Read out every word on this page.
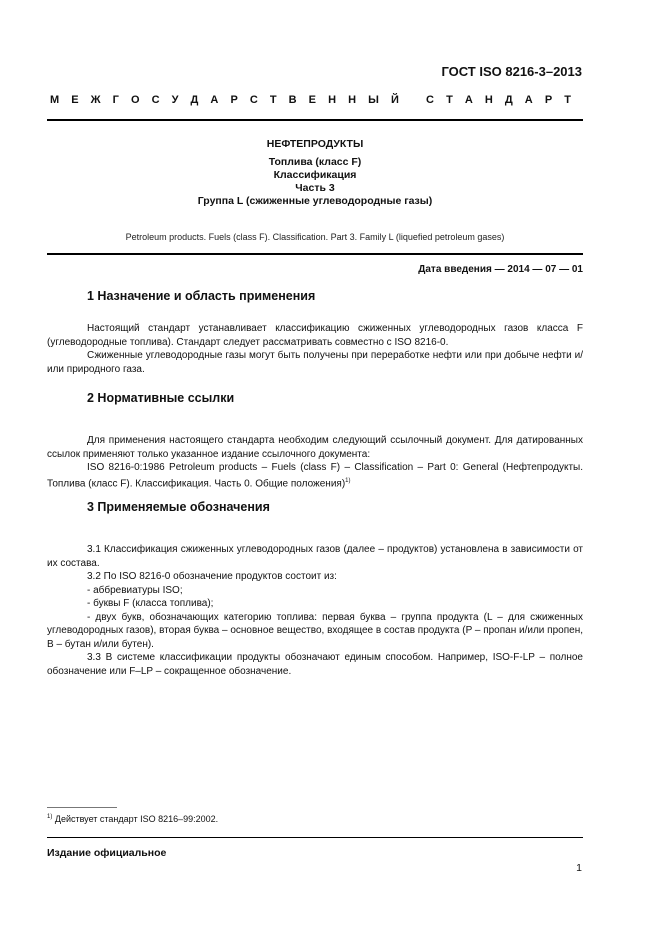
ГОСТ ISO 8216-3–2013
М Е Ж Г О С У Д А Р С Т В Е Н Н Ы Й
С Т А Н Д А Р Т
НЕФТЕПРОДУКТЫ
Топлива (класс F)
Классификация
Часть 3
Группа L (сжиженные углеводородные газы)
Petroleum products. Fuels (class F). Classification. Part 3. Family L (liquefied petroleum gases)
Дата введения — 2014 — 07 — 01
1 Назначение и область применения

Настоящий стандарт устанавливает классификацию сжиженных углеводородных газов класса F (углеводородные топлива). Стандарт следует рассматривать совместно с ISO 8216-0.

Сжиженные углеводородные газы могут быть получены при переработке нефти или при добыче нефти и/или природного газа.

2 Нормативные ссылки

Для применения настоящего стандарта необходим следующий ссылочный документ. Для датированных ссылок применяют только указанное издание ссылочного документа:

ISO 8216-0:1986 Petroleum products – Fuels (class F) – Classification – Part 0: General (Нефтепродукты. Топлива (класс F). Классификация. Часть 0. Общие положения)$^{1)}$

3 Применяемые обозначения

3.1 Классификация сжиженных углеводородных газов (далее – продуктов) установлена в зависимости от их состава.

3.2 По ISO 8216-0 обозначение продуктов состоит из:

- аббревиатуры ISO;

- буквы F (класса топлива);

- двух букв, обозначающих категорию топлива: первая буква – группа продукта (L – для сжиженных углеводородных газов), вторая буква – основное вещество, входящее в состав продукта (P – пропан и/или пропен, B – бутан и/или бутен).

3.3 В системе классификации продукты обозначают единым способом. Например, ISO-F-LP – полное обозначение или F–LP – сокращенное обозначение.

$^{1)}$ Действует стандарт ISO 8216–99:2002.
Издание официальное
1
